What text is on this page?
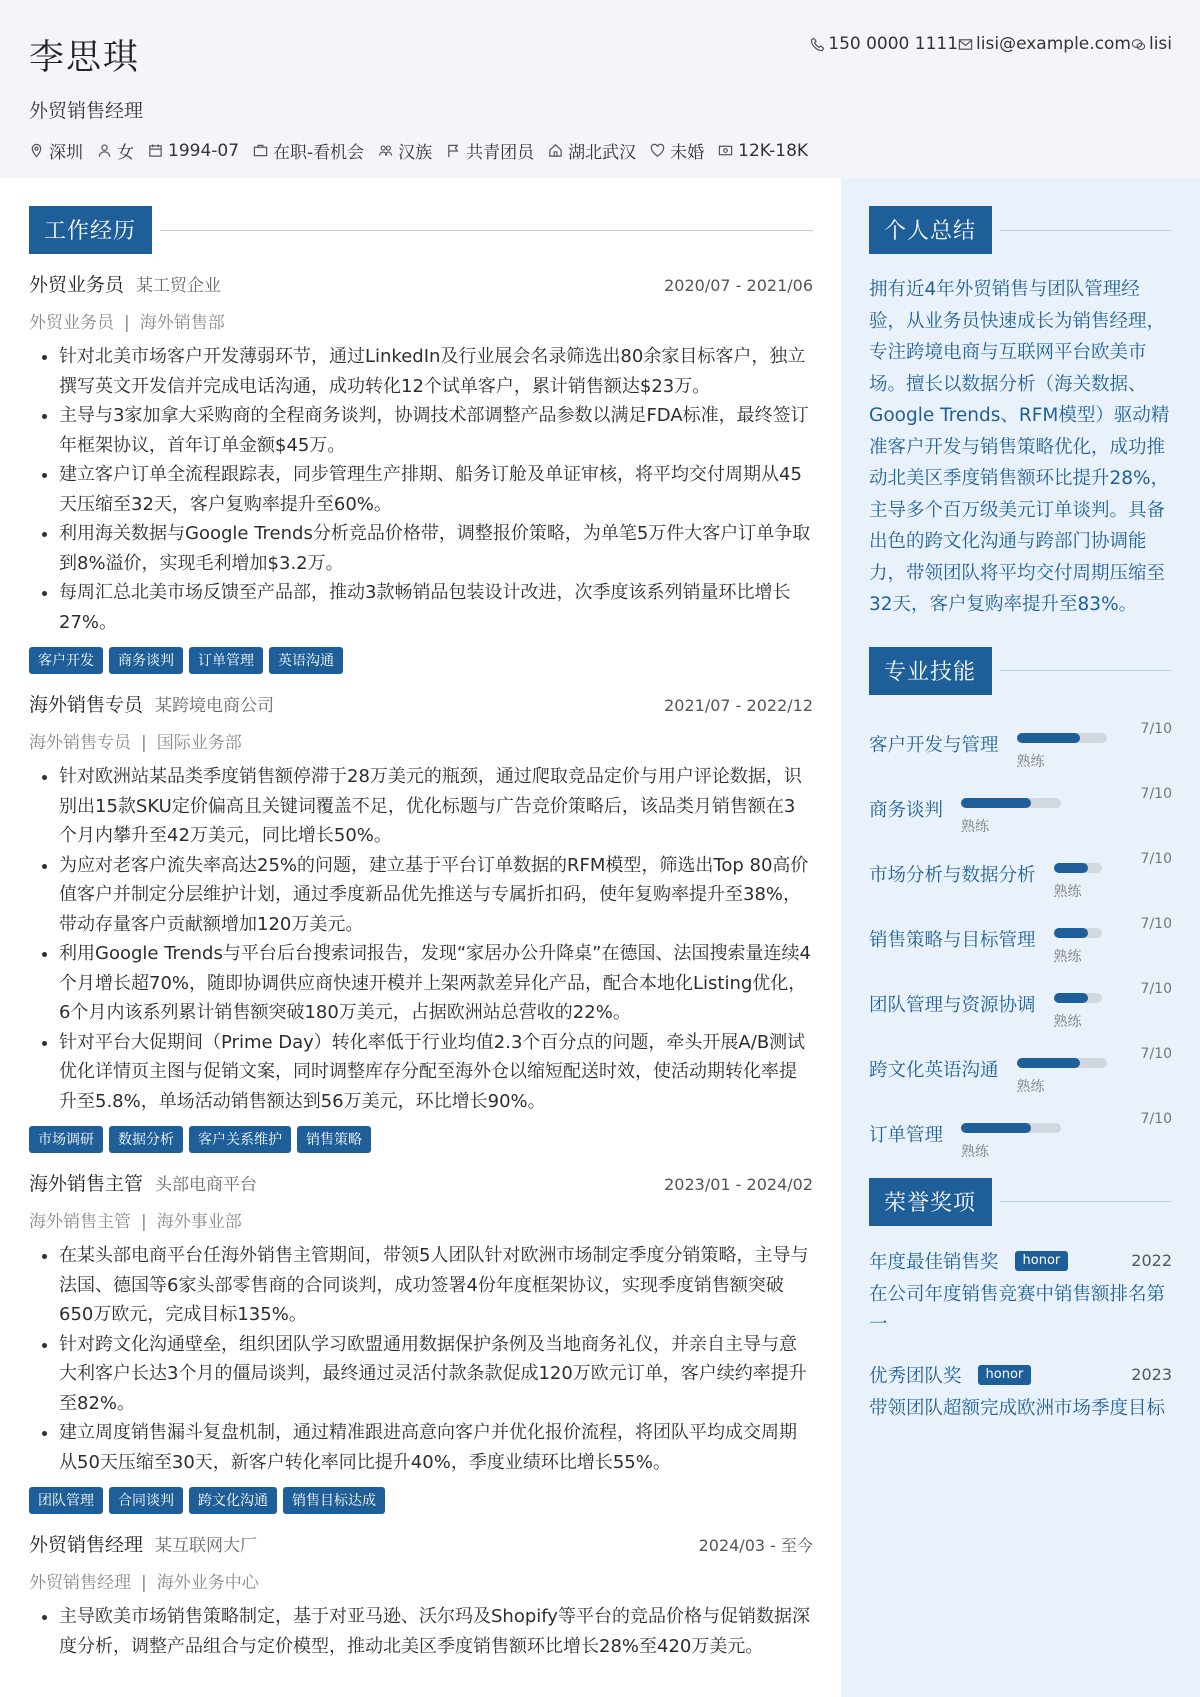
李思琪
外贸销售经理
深圳 女 1994-07 在职-看机会 汉族 共青团员 湖北武汉 未婚 12K-18K
150 0000 1111 lisi@example.com lisi
工作经历
外贸业务员 某工贸企业	2020/07 - 2021/06
外贸业务员 | 海外销售部
• 针对北美市场客户开发薄弱环节，通过LinkedIn及行业展会名录筛选出80余家目标客户，独立撰写英文开发信并完成电话沟通，成功转化12个试单客户，累计销售额达$23万。
• 主导与3家加拿大采购商的全程商务谈判，协调技术部调整产品参数以满足FDA标准，最终签订年框架协议，首年订单金额$45万。
• 建立客户订单全流程跟踪表，同步管理生产排期、船务订舱及单证审核，将平均交付周期从45天压缩至32天，客户复购率提升至60%。
• 利用海关数据与Google Trends分析竞品价格带，调整报价策略，为单笔5万件大客户订单争取到8%溢价，实现毛利增加$3.2万。
• 每周汇总北美市场反馈至产品部，推动3款畅销品包装设计改进，次季度该系列销量环比增长27%。
客户开发	商务谈判	订单管理	英语沟通
海外销售专员 某跨境电商公司	2021/07 - 2022/12
海外销售专员 | 国际业务部
• 针对欧洲站某品类季度销售额停滞于28万美元的瓶颈，通过爬取竞品定价与用户评论数据，识别出15款SKU定价偏高且关键词覆盖不足，优化标题与广告竞价策略后，该品类月销售额在3个月内攀升至42万美元，同比增长50%。
• 为应对老客户流失率高达25%的问题，建立基于平台订单数据的RFM模型，筛选出Top 80高价值客户并制定分层维护计划，通过季度新品优先推送与专属折扣码，使年复购率提升至38%，带动存量客户贡献额增加120万美元。
• 利用Google Trends与平台后台搜索词报告，发现“家居办公升降桌”在德国、法国搜索量连续4个月增长超70%，随即协调供应商快速开模并上架两款差异化产品，配合本地化Listing优化，6个月内该系列累计销售额突破180万美元，占据欧洲站总营收的22%。
• 针对平台大促期间（Prime Day）转化率低于行业均值2.3个百分点的问题，牵头开展A/B测试优化详情页主图与促销文案，同时调整库存分配至海外仓以缩短配送时效，使活动期转化率提升至5.8%，单场活动销售额达到56万美元，环比增长90%。
市场调研	数据分析	客户关系维护	销售策略
海外销售主管 头部电商平台	2023/01 - 2024/02
海外销售主管 | 海外事业部
• 在某头部电商平台任海外销售主管期间，带领5人团队针对欧洲市场制定季度分销策略，主导与法国、德国等6家头部零售商的合同谈判，成功签署4份年度框架协议，实现季度销售额突破650万欧元，完成目标135%。
• 针对跨文化沟通壁垒，组织团队学习欧盟通用数据保护条例及当地商务礼仪，并亲自主导与意大利客户长达3个月的僵局谈判，最终通过灵活付款条款促成120万欧元订单，客户续约率提升至82%。
• 建立周度销售漏斗复盘机制，通过精准跟进高意向客户并优化报价流程，将团队平均成交周期从50天压缩至30天，新客户转化率同比提升40%，季度业绩环比增长55%。
团队管理	合同谈判	跨文化沟通	销售目标达成
外贸销售经理 某互联网大厂	2024/03 - 至今
外贸销售经理 | 海外业务中心
• 主导欧美市场销售策略制定，基于对亚马逊、沃尔玛及Shopify等平台的竞品价格与促销数据深度分析，调整产品组合与定价模型，推动北美区季度销售额环比增长28%至420万美元。
个人总结
拥有近4年外贸销售与团队管理经验，从业务员快速成长为销售经理，专注跨境电商与互联网平台欧美市场。擅长以数据分析（海关数据、Google Trends、RFM模型）驱动精准客户开发与销售策略优化，成功推动北美区季度销售额环比提升28%，主导多个百万级美元订单谈判。具备出色的跨文化沟通与跨部门协调能力，带领团队将平均交付周期压缩至32天，客户复购率提升至83%。
专业技能
客户开发与管理
熟练
7/10
商务谈判
熟练
7/10
市场分析与数据分析
熟练
7/10
销售策略与目标管理
熟练
7/10
团队管理与资源协调
熟练
7/10
跨文化英语沟通
熟练
7/10
订单管理
熟练
7/10
荣誉奖项
年度最佳销售奖	honor	2022
在公司年度销售竞赛中销售额排名第一
优秀团队奖	honor	2023
带领团队超额完成欧洲市场季度目标
